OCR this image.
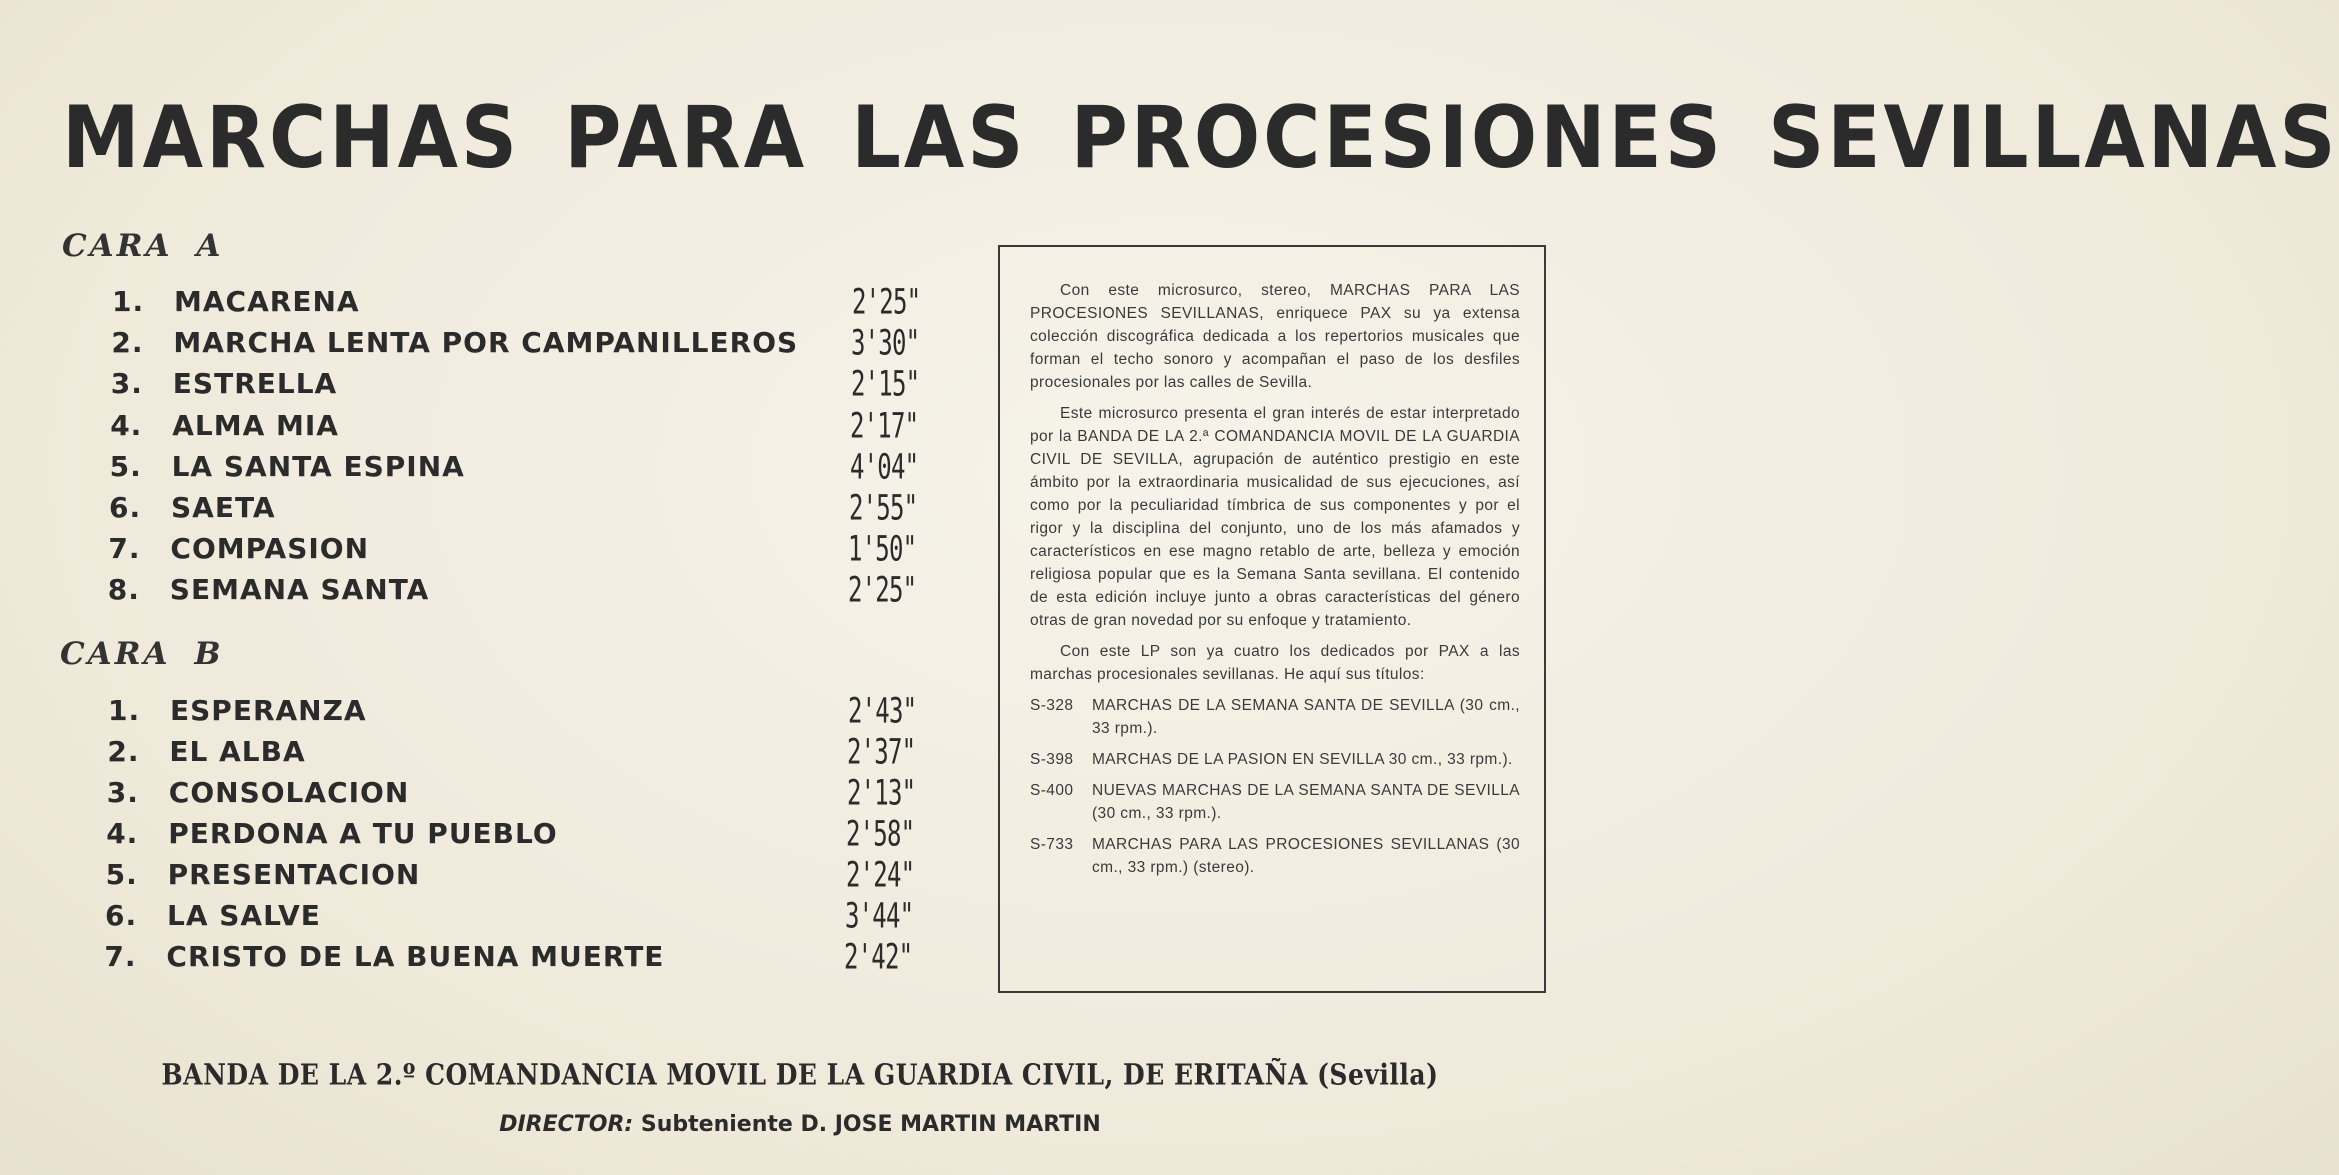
MARCHAS PARA LAS PROCESIONES SEVILLANAS
CARA A
1.	MACARENA	2'25"
2.	MARCHA LENTA POR CAMPANILLEROS 3'30"
3.	ESTRELLA	2'15"
4.	ALMA MIA	2'17"
5.	LA SANTA ESPINA	4'04"
6.	SAETA	2'55"
7.	COMPASION	1'50"
8.	SEMANA SANTA	2'25"
CARA B
1.	ESPERANZA	2'43"
2.	EL ALBA	2'37"
3.	CONSOLACION	2'13"
4.	PERDONA A TU PUEBLO	2'58"
5.	PRESENTACION	2'24"
6.	LA SALVE	3'44"
7.	CRISTO DE LA BUENA MUERTE	2'42"

Con este microsurco, stereo, MARCHAS PARA LAS PROCESIONES SEVILLANAS, enriquece PAX su ya extensa colección discográfica dedicada a los repertorios musicales que forman el techo sonoro y acompañan el paso de los desfiles procesionales por las calles de Sevilla.

Este microsurco presenta el gran interés de estar interpretado por la BANDA DE LA 2.ª COMANDANCIA MOVIL DE LA GUARDIA CIVIL DE SEVILLA, agrupación de auténtico prestigio en este ámbito por la extraordinaria musicalidad de sus ejecuciones, así como por la peculiaridad tímbrica de sus componentes y por el rigor y la disciplina del conjunto, uno de los más afamados y característicos en ese magno retablo de arte, belleza y emoción religiosa popular que es la Semana Santa sevillana. El contenido de esta edición incluye junto a obras características del género otras de gran novedad por su enfoque y tratamiento.

Con este LP son ya cuatro los dedicados por PAX a las marchas procesionales sevillanas. He aquí sus títulos:

S-328	MARCHAS DE LA SEMANA SANTA DE SEVILLA (30 cm., 33 rpm.).
S-398	MARCHAS DE LA PASION EN SEVILLA 30 cm., 33 rpm.).
S-400	NUEVAS MARCHAS DE LA SEMANA SANTA DE SEVILLA (30 cm., 33 rpm.).
S-733	MARCHAS PARA LAS PROCESIONES SEVILLANAS (30 cm., 33 rpm.) (stereo).
BANDA DE LA 2.º COMANDANCIA MOVIL DE LA GUARDIA CIVIL, DE ERITAÑA (Sevilla)
DIRECTOR: Subteniente D. JOSE MARTIN MARTIN
